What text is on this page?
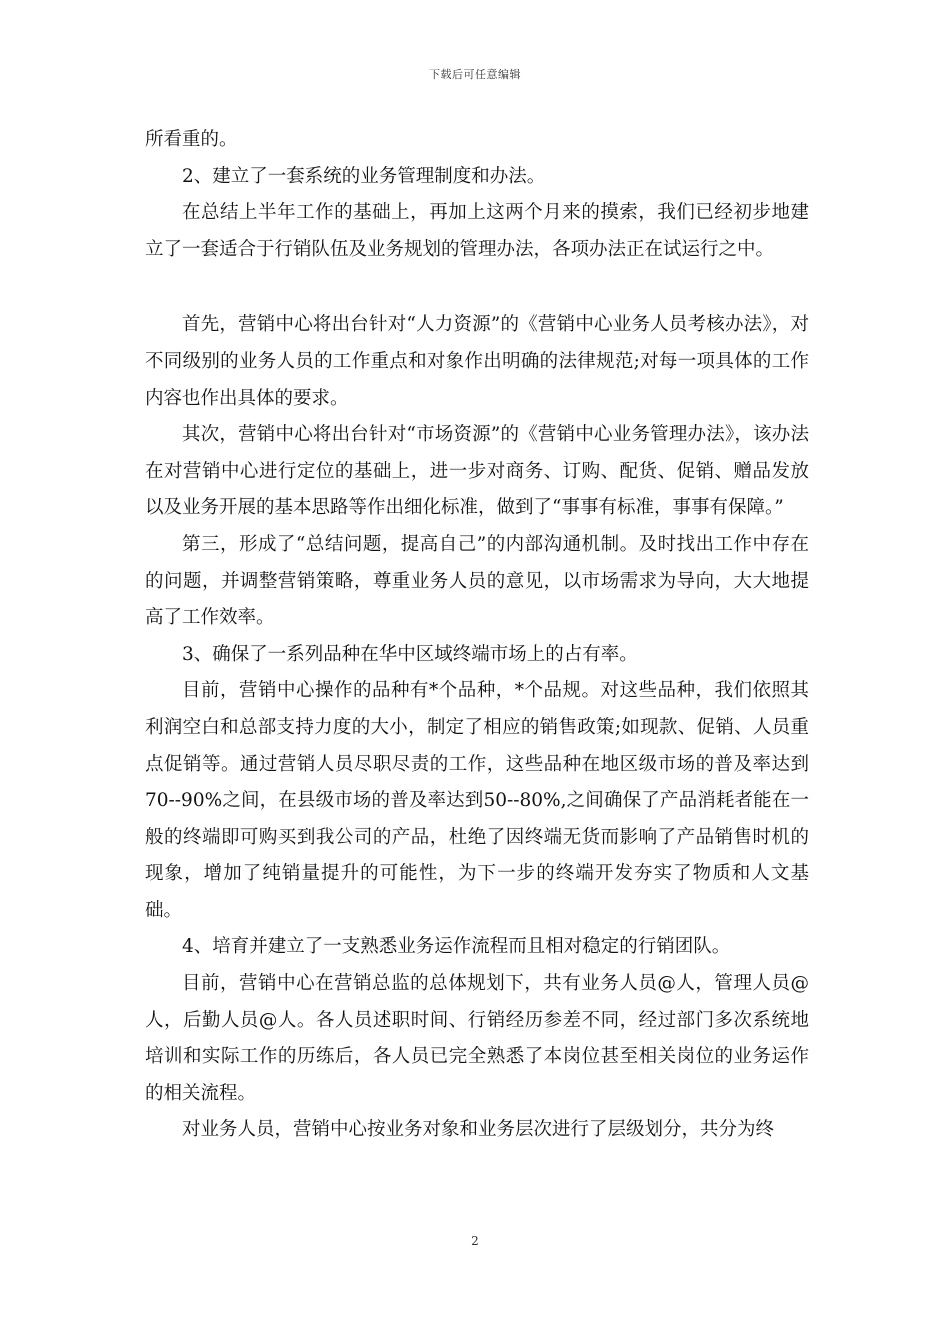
下载后可任意编辑

所看重的。

2、建立了一套系统的业务管理制度和办法。

在总结上半年工作的基础上，再加上这两个月来的摸索，我们已经初步地建立了一套适合于行销队伍及业务规划的管理办法，各项办法正在试运行之中。

首先，营销中心将出台针对“人力资源”的《营销中心业务人员考核办法》，对不同级别的业务人员的工作重点和对象作出明确的法律规范;对每一项具体的工作内容也作出具体的要求。

其次，营销中心将出台针对“市场资源”的《营销中心业务管理办法》，该办法在对营销中心进行定位的基础上，进一步对商务、订购、配货、促销、赠品发放以及业务开展的基本思路等作出细化标准，做到了“事事有标准，事事有保障。”

第三，形成了“总结问题，提高自己”的内部沟通机制。及时找出工作中存在的问题，并调整营销策略，尊重业务人员的意见，以市场需求为导向，大大地提高了工作效率。

3、确保了一系列品种在华中区域终端市场上的占有率。

目前，营销中心操作的品种有*个品种，*个品规。对这些品种，我们依照其利润空白和总部支持力度的大小，制定了相应的销售政策;如现款、促销、人员重点促销等。通过营销人员尽职尽责的工作，这些品种在地区级市场的普及率达到70--90%之间，在县级市场的普及率达到50--80%,之间确保了产品消耗者能在一般的终端即可购买到我公司的产品，杜绝了因终端无货而影响了产品销售时机的现象，增加了纯销量提升的可能性，为下一步的终端开发夯实了物质和人文基础。

4、培育并建立了一支熟悉业务运作流程而且相对稳定的行销团队。

目前，营销中心在营销总监的总体规划下，共有业务人员@人，管理人员@人，后勤人员@人。各人员述职时间、行销经历参差不同，经过部门多次系统地培训和实际工作的历练后，各人员已完全熟悉了本岗位甚至相关岗位的业务运作的相关流程。

对业务人员，营销中心按业务对象和业务层次进行了层级划分，共分为终

2
